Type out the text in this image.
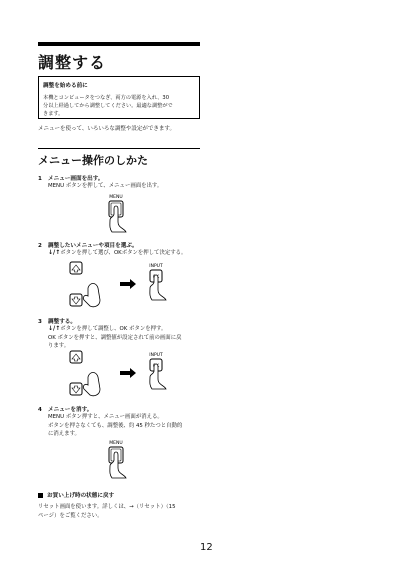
調整する
調整を始める前に
本機とコンピュータをつなぎ、両方の電源を入れ、30
分以上経過してから調整してください。最適な調整がで
きます。
メニューを使って、いろいろな調整や設定ができます。
メニュー操作のしかた
1 メニュー画面を出す。
MENU ボタンを押して、メニュー画面を出す。
MENU
2 調整したいメニューや項目を選ぶ。
↓/↑ボタンを押して選び、OKボタンを押して決定する。
INPUT
3 調整する。
↓/↑ボタンを押して調整し、OK ボタンを押す。
OK ボタンを押すと、調整値が設定されて前の画面に戻
ります。
INPUT
4 メニューを消す。
MENU ボタン押すと、メニュー画面が消える。
ボタンを押さなくても、調整後、約 45 秒たつと自動的
に消えます。
MENU
お買い上げ時の状態に戻す
リセット画面を使います。詳しくは、→（リセット）（15
ページ）をご覧ください。
12
